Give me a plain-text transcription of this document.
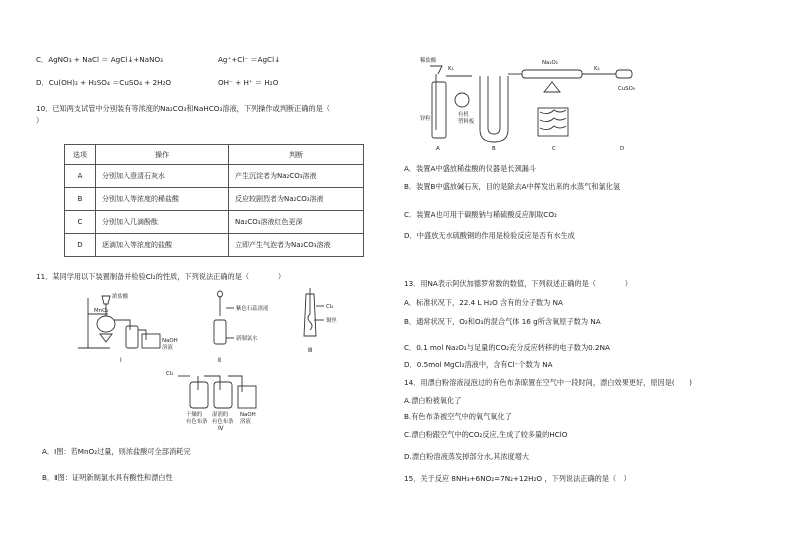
C．AgNO₃ + NaCl ＝ AgCl↓+NaNO₃	Ag⁺+Cl⁻ ＝AgCl↓
D．Cu(OH)₂ + H₂SO₄ ＝CuSO₄ + 2H₂O	OH⁻ + H⁺ ＝ H₂O
10．已知两支试管中分别装有等浓度的Na₂CO₃和NaHCO₃溶液，下列操作或判断正确的是（
）
选项	操作	判断
A	分别加入澄清石灰水	产生沉淀者为Na₂CO₃溶液
B	分别加入等浓度的稀盐酸	反应较剧烈者为Na₂CO₃溶液
C	分别加入几滴酚酞	Na₂CO₃溶液红色更深
D	逐滴加入等浓度的盐酸	立即产生气泡者为Na₂CO₃溶液
11．某同学用以下装置制备并检验Cl₂的性质，下列说法正确的是（　　　　）
浓盐酸
MnO₂
NaOH
溶液
Ⅰ
紫色石蕊溶液
新制氯水
Ⅱ
Cl₂
铜丝
Ⅲ
Cl₂
干燥的
有色布条
湿润的
有色布条
NaOH
溶液
Ⅳ
A．Ⅰ图：若MnO₂过量，则浓盐酸可全部消耗完
B．Ⅱ图：证明新制氯水具有酸性和漂白性
稀盐酸
K₁
锌粒
有机
塑料板
Na₂O₂
K₂
CuSO₄
A	B	C	D
A．装置A中盛放稀盐酸的仪器是长颈漏斗
B．装置B中盛放碱石灰，目的是除去A中挥发出来的水蒸气和氯化氢
C．装置A也可用于碳酸钠与稀硫酸反应制取CO₂
D．中盛放无水硫酸铜的作用是检验反应是否有水生成
13．用NA表示阿伏加德罗常数的数值，下列叙述正确的是（　　　　）
A．标准状况下，22.4 L H₂O 含有的分子数为 NA
B．通常状况下，O₂和O₃的混合气体 16 g所含氧原子数为 NA
C．0.1 mol Na₂O₂与足量的CO₂充分反应转移的电子数为0.2NA
D．0.5mol MgCl₂溶液中，含有Cl⁻个数为 NA
14．用漂白粉溶液浸泡过的有色布条晾置在空气中一段时间，漂白效果更好，原因是(　　)
A.漂白粉被氧化了
B.有色布条被空气中的氧气氧化了
C.漂白粉跟空气中的CO₂反应,生成了较多量的HClO
D.漂白粉溶液蒸发掉部分水,其浓度增大
15．关于反应 8NH₃+6NO₂=7N₂+12H₂O ，下列说法正确的是（　）
